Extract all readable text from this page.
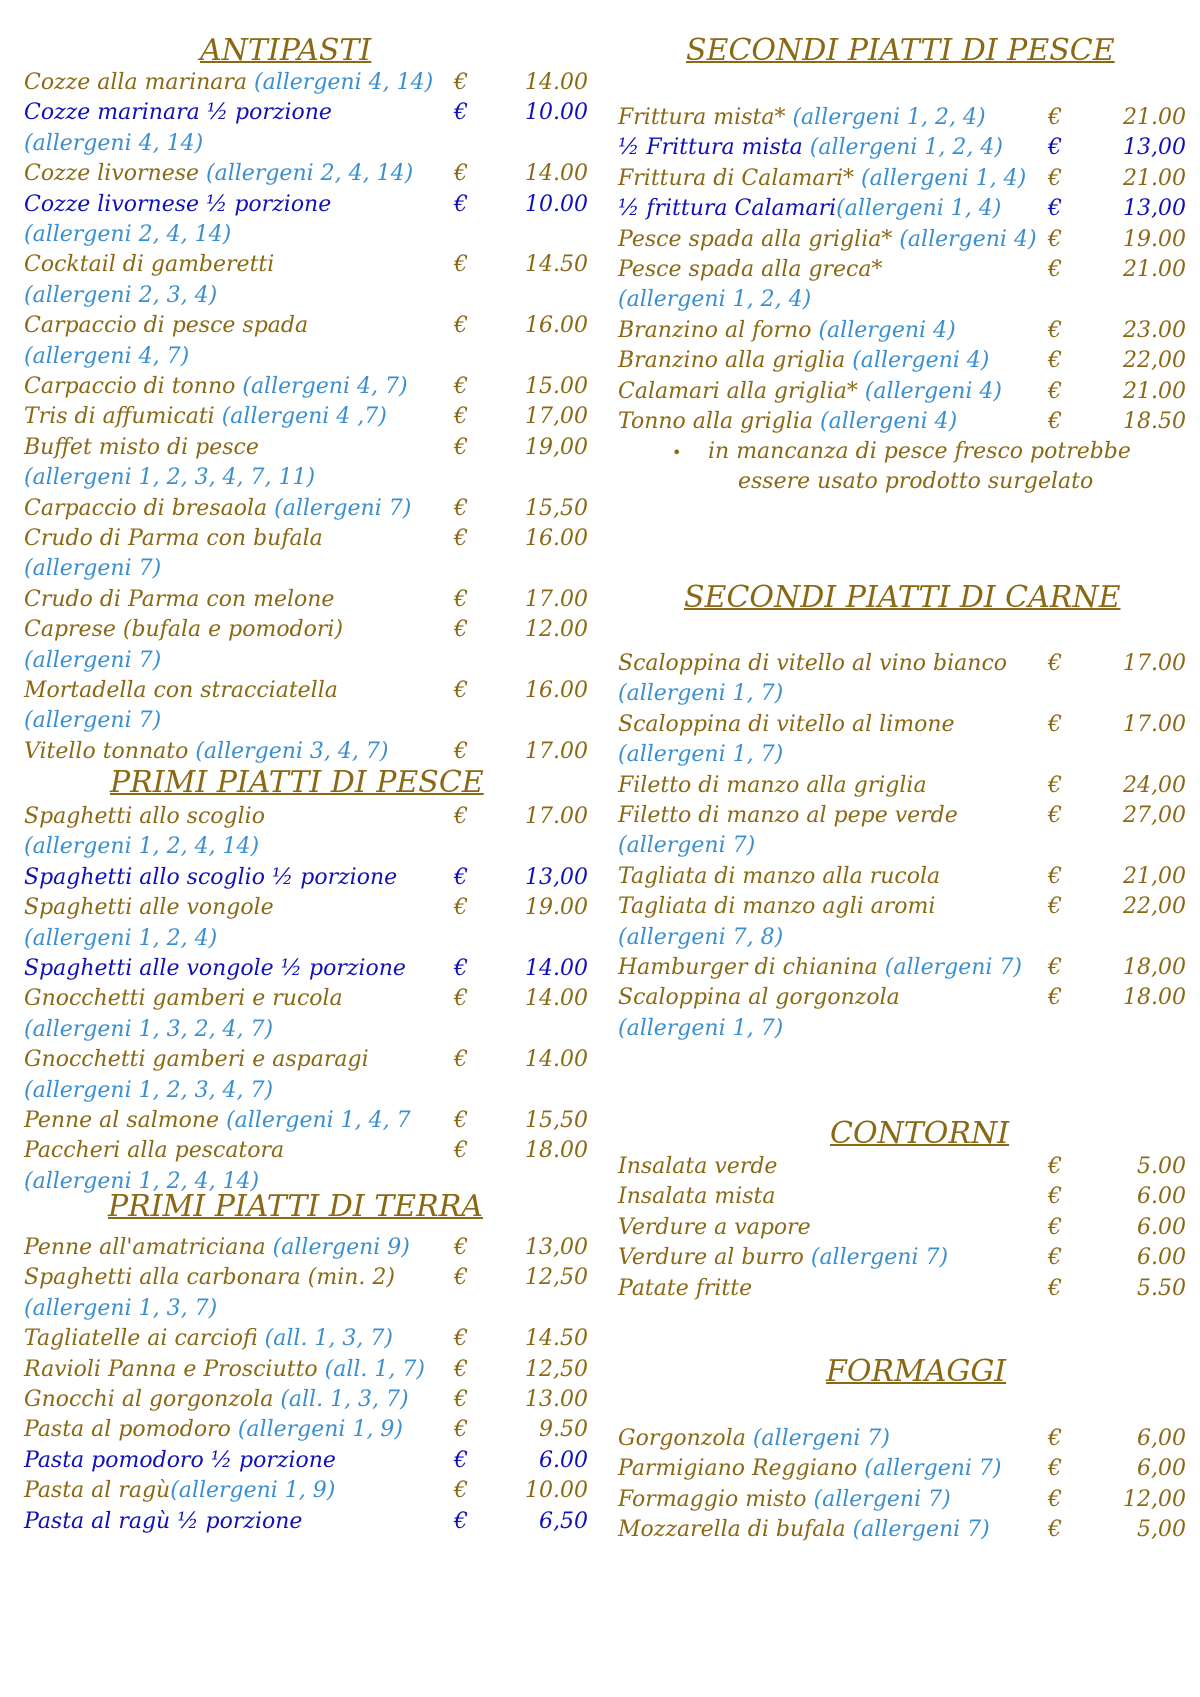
ANTIPASTI
Cozze alla marinara (allergeni 4, 14) €	14.00
Cozze marinara ½ porzione	€	10.00
(allergeni 4, 14)
Cozze livornese (allergeni 2, 4, 14) €	14.00
Cozze livornese ½ porzione	€	10.00
(allergeni 2, 4, 14)
Cocktail di gamberetti	€	14.50
(allergeni 2, 3, 4)
Carpaccio di pesce spada	€	16.00
(allergeni 4, 7)
Carpaccio di tonno (allergeni 4, 7) €	15.00
Tris di affumicati (allergeni 4 ,7)	€	17,00
Buffet misto di pesce	€	19,00
(allergeni 1, 2, 3, 4, 7, 11)
Carpaccio di bresaola (allergeni 7) €	15,50
Crudo di Parma con bufala	€	16.00
(allergeni 7)
Crudo di Parma con melone	€	17.00
Caprese (bufala e pomodori)	€	12.00
(allergeni 7)
Mortadella con stracciatella	€	16.00
(allergeni 7)
Vitello tonnato (allergeni 3, 4, 7)	€	17.00
PRIMI PIATTI DI PESCE
Spaghetti allo scoglio	€	17.00
(allergeni 1, 2, 4, 14)
Spaghetti allo scoglio ½ porzione	€	13,00
Spaghetti alle vongole	€	19.00
(allergeni 1, 2, 4)
Spaghetti alle vongole ½ porzione €	14.00
Gnocchetti gamberi e rucola	€	14.00
(allergeni 1, 3, 2, 4, 7)
Gnocchetti gamberi e asparagi	€	14.00
(allergeni 1, 2, 3, 4, 7)
Penne al salmone (allergeni 1, 4, 7 €	15,50
Paccheri alla pescatora	€	18.00
(allergeni 1, 2, 4, 14)
PRIMI PIATTI DI TERRA
Penne all'amatriciana (allergeni 9) €	13,00
Spaghetti alla carbonara (min. 2)	€	12,50
(allergeni 1, 3, 7)
Tagliatelle ai carciofi (all. 1, 3, 7)	€	14.50
Ravioli Panna e Prosciutto (all. 1, 7) €	12,50
Gnocchi al gorgonzola (all. 1, 3, 7) €	13.00
Pasta al pomodoro (allergeni 1, 9) €	9.50
Pasta pomodoro ½ porzione	€	6.00
Pasta al ragù(allergeni 1, 9)	€	10.00
Pasta al ragù ½ porzione	€	6,50
SECONDI PIATTI DI PESCE
Frittura mista* (allergeni 1, 2, 4)	€	21.00
½ Frittura mista (allergeni 1, 2, 4) €	13,00
Frittura di Calamari* (allergeni 1, 4) €	21.00
½ frittura Calamari(allergeni 1, 4) €	13,00
Pesce spada alla griglia* (allergeni 4) €	19.00
Pesce spada alla greca*	€	21.00
(allergeni 1, 2, 4)
Branzino al forno (allergeni 4)	€	23.00
Branzino alla griglia (allergeni 4)	€	22,00
Calamari alla griglia* (allergeni 4) €	21.00
Tonno alla griglia (allergeni 4)	€	18.50
• in mancanza di pesce fresco potrebbe
essere usato prodotto surgelato
SECONDI PIATTI DI CARNE
Scaloppina di vitello al vino bianco €	17.00
(allergeni 1, 7)
Scaloppina di vitello al limone	€	17.00
(allergeni 1, 7)
Filetto di manzo alla griglia	€	24,00
Filetto di manzo al pepe verde	€	27,00
(allergeni 7)
Tagliata di manzo alla rucola	€	21,00
Tagliata di manzo agli aromi	€	22,00
(allergeni 7, 8)
Hamburger di chianina (allergeni 7) €	18,00
Scaloppina al gorgonzola	€	18.00
(allergeni 1, 7)
CONTORNI
Insalata verde	€	5.00
Insalata mista	€	6.00
Verdure a vapore	€	6.00
Verdure al burro (allergeni 7)	€	6.00
Patate fritte	€	5.50
FORMAGGI
Gorgonzola (allergeni 7)	€	6,00
Parmigiano Reggiano (allergeni 7) €	6,00
Formaggio misto (allergeni 7)	€	12,00
Mozzarella di bufala (allergeni 7)	€	5,00
